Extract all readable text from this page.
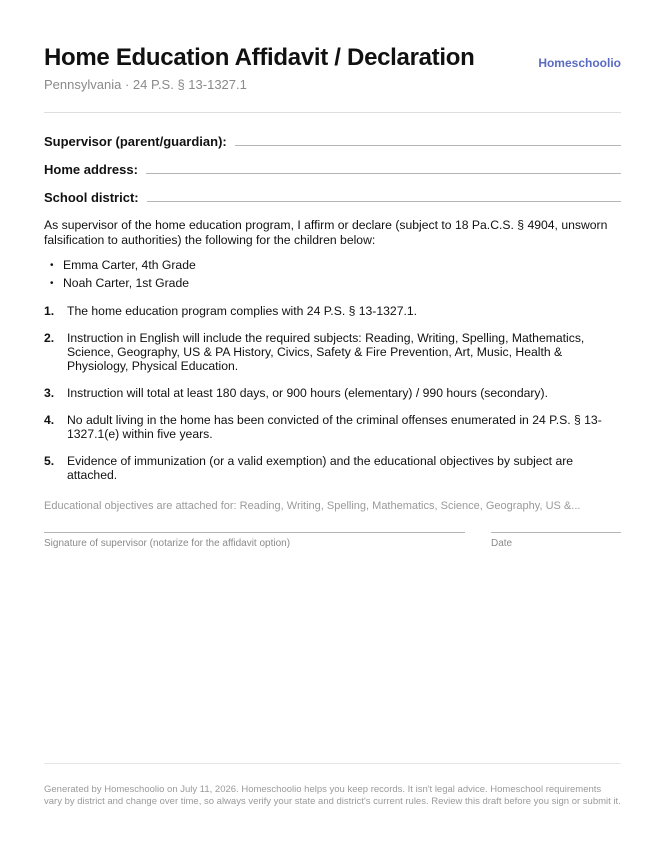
Home Education Affidavit / Declaration
Pennsylvania · 24 P.S. § 13-1327.1
Homeschoolio
Supervisor (parent/guardian):
Home address:
School district:
As supervisor of the home education program, I affirm or declare (subject to 18 Pa.C.S. § 4904, unsworn falsification to authorities) the following for the children below:
• Emma Carter, 4th Grade
• Noah Carter, 1st Grade
1. The home education program complies with 24 P.S. § 13-1327.1.
2. Instruction in English will include the required subjects: Reading, Writing, Spelling, Mathematics, Science, Geography, US & PA History, Civics, Safety & Fire Prevention, Art, Music, Health & Physiology, Physical Education.
3. Instruction will total at least 180 days, or 900 hours (elementary) / 990 hours (secondary).
4. No adult living in the home has been convicted of the criminal offenses enumerated in 24 P.S. § 13-1327.1(e) within five years.
5. Evidence of immunization (or a valid exemption) and the educational objectives by subject are attached.
Educational objectives are attached for: Reading, Writing, Spelling, Mathematics, Science, Geography, US &...
Signature of supervisor (notarize for the affidavit option)	Date
Generated by Homeschoolio on July 11, 2026. Homeschoolio helps you keep records. It isn't legal advice. Homeschool requirements vary by district and change over time, so always verify your state and district's current rules. Review this draft before you sign or submit it.
